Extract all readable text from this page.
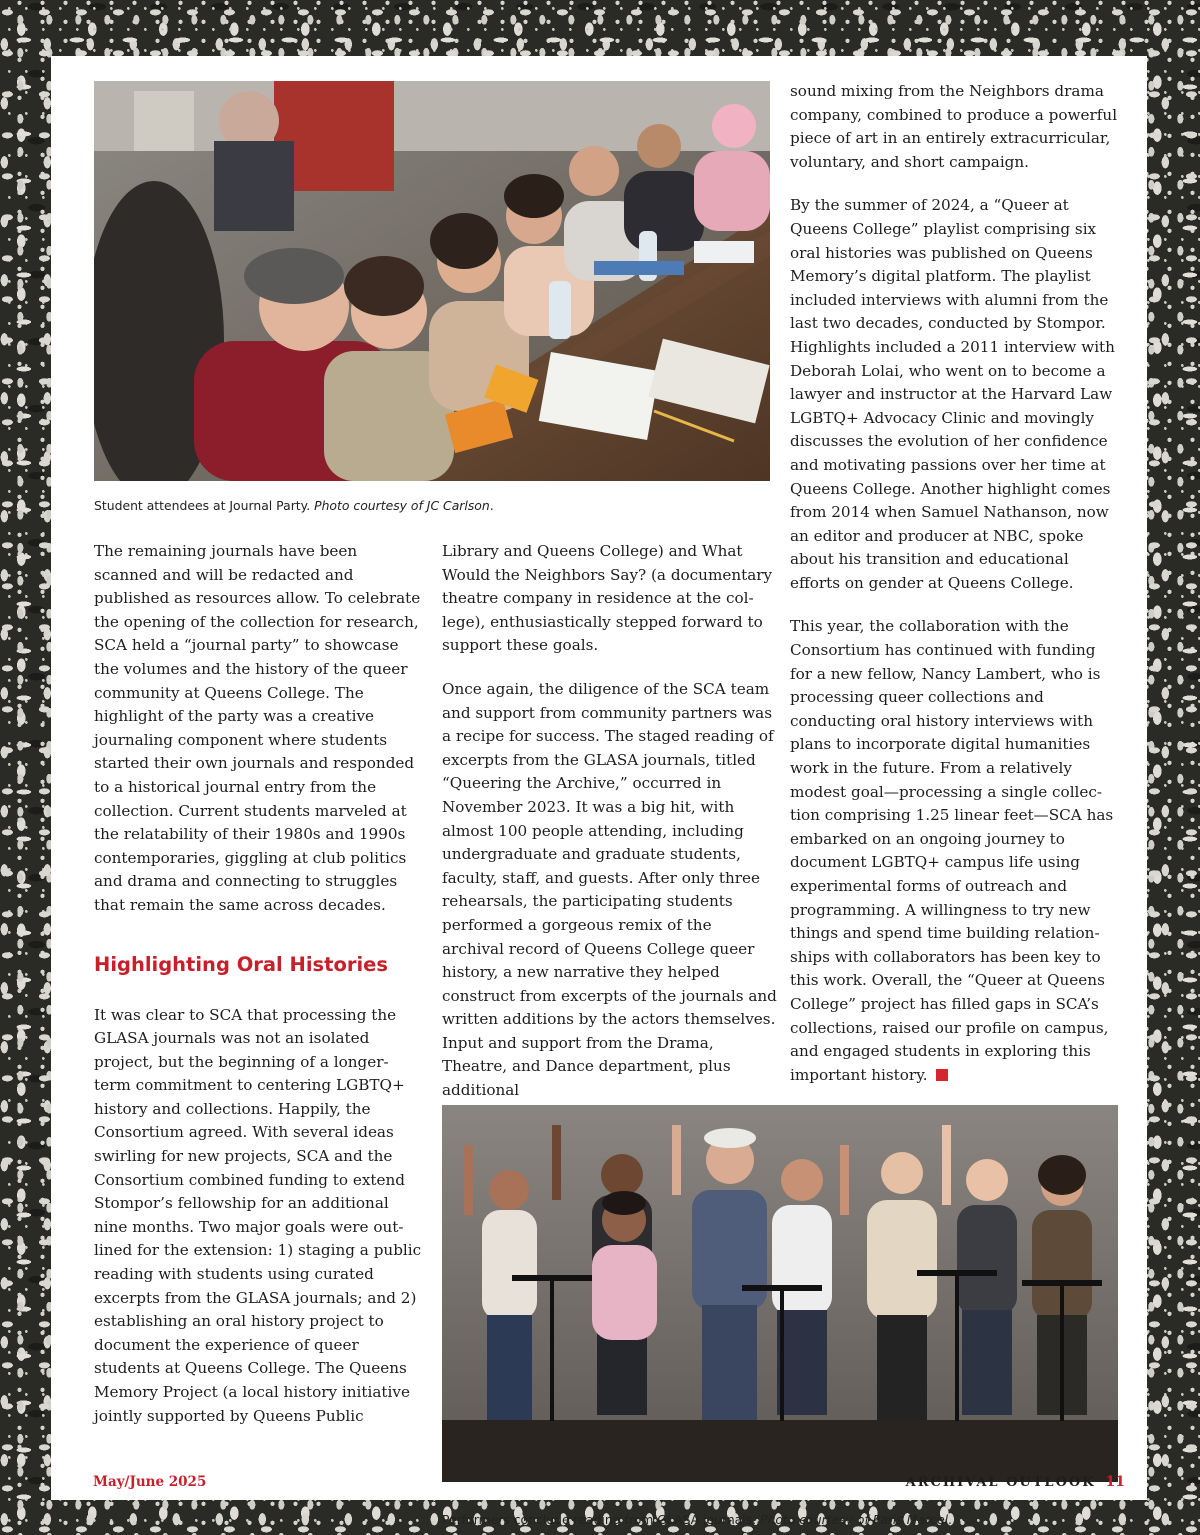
Student attendees at Journal Party. Photo courtesy of JC Carlson.

The remaining journals have been scanned and will be redacted and published as resources allow. To celebrate the opening of the collection for research, SCA held a “journal party” to showcase the volumes and the history of the queer community at Queens College. The highlight of the party was a creative journaling component where students started their own journals and responded to a historical journal entry from the collection. Current students marveled at the relatability of their 1980s and 1990s contemporaries, giggling at club politics and drama and connecting to struggles that remain the same across decades.

Highlighting Oral Histories

It was clear to SCA that processing the GLASA journals was not an isolated project, but the beginning of a longer-term commitment to centering LGBTQ+ history and collections. Happily, the Consortium agreed. With several ideas swirling for new projects, SCA and the Consortium combined funding to extend Stompor’s fellowship for an additional nine months. Two major goals were outlined for the extension: 1) staging a public reading with students using curated excerpts from the GLASA journals; and 2) establishing an oral history project to document the experience of queer students at Queens College. The Queens Memory Project (a local history initiative jointly supported by Queens Public

Library and Queens College) and What Would the Neighbors Say? (a documentary theatre company in residence at the college), enthusiastically stepped forward to support these goals.

Once again, the diligence of the SCA team and support from community partners was a recipe for success. The staged reading of excerpts from the GLASA journals, titled “Queering the Archive,” occurred in November 2023. It was a big hit, with almost 100 people attending, including undergraduate and graduate students, faculty, staff, and guests. After only three rehearsals, the participating students performed a gorgeous remix of the archival record of Queens College queer history, a new narrative they helped construct from excerpts of the journals and written additions by the actors themselves. Input and support from the Drama, Theatre, and Dance department, plus additional

sound mixing from the Neighbors drama company, combined to produce a powerful piece of art in an entirely extracurricular, voluntary, and short campaign.

By the summer of 2024, a “Queer at Queens College” playlist comprising six oral histories was published on Queens Memory’s digital platform. The playlist included interviews with alumni from the last two decades, conducted by Stompor. Highlights included a 2011 interview with Deborah Lolai, who went on to become a lawyer and instructor at the Harvard Law LGBTQ+ Advocacy Clinic and movingly discusses the evolution of her confidence and motivating passions over her time at Queens College. Another highlight comes from 2014 when Samuel Nathanson, now an editor and producer at NBC, spoke about his transition and educational efforts on gender at Queens College.

This year, the collaboration with the Consortium has continued with funding for a new fellow, Nancy Lambert, who is processing queer collections and conducting oral history interviews with plans to incorporate digital humanities work in the future. From a relatively modest goal—processing a single collection comprising 1.25 linear feet—SCA has embarked on an ongoing journey to document LGBTQ+ campus life using experimental forms of outreach and programming. A willingness to try new things and spend time building relationships with collaborators has been key to this work. Overall, the “Queer at Queens College” project has filled gaps in SCA’s collections, raised our profile on campus, and engaged students in exploring this important history.

Performers conclude reading from GLASA journals. Photo courtesy of Paris Marcel.
May/June 2025	ARCHIVAL OUTLOOK 11
